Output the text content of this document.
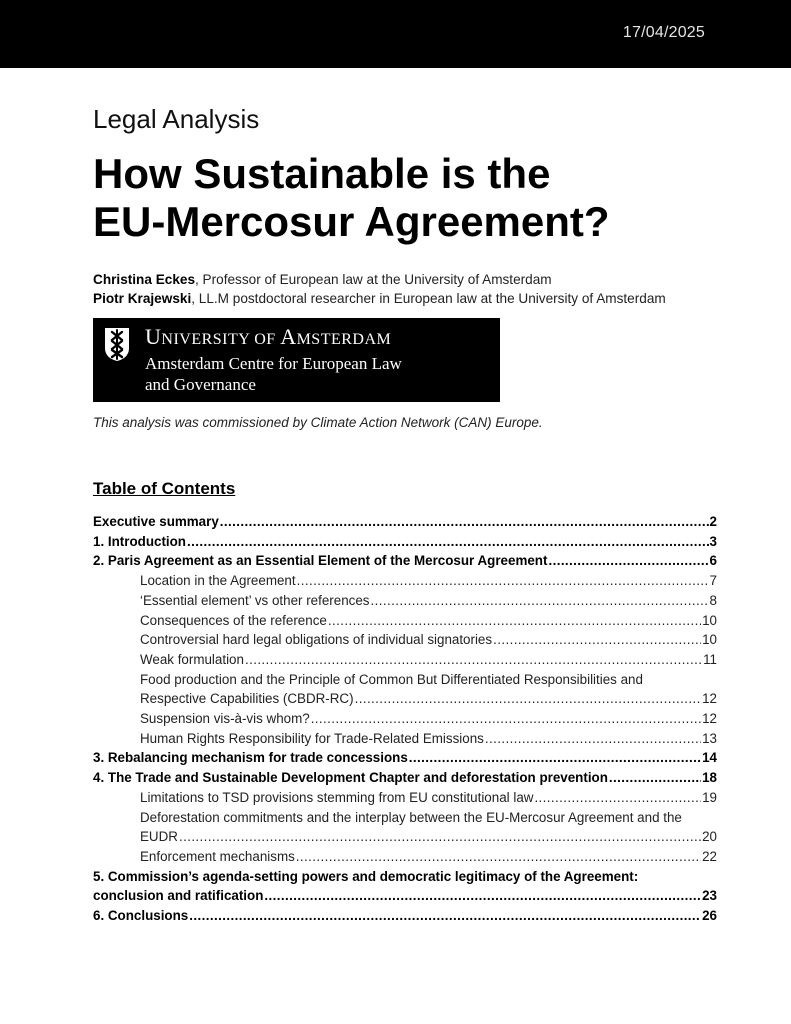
17/04/2025
Legal Analysis
How Sustainable is the
EU-Mercosur Agreement?
Christina Eckes, Professor of European law at the University of Amsterdam
Piotr Krajewski, LL.M postdoctoral researcher in European law at the University of Amsterdam
UNIVERSITY OF AMSTERDAM
Amsterdam Centre for European Law
and Governance
This analysis was commissioned by Climate Action Network (CAN) Europe.
Table of Contents
Executive summary .....	2
1. Introduction .....	3
2. Paris Agreement as an Essential Element of the Mercosur Agreement .....	6
Location in the Agreement .....	7
‘Essential element’ vs other references .....	8
Consequences of the reference .....	10
Controversial hard legal obligations of individual signatories .....	10
Weak formulation .....	11
Food production and the Principle of Common But Differentiated Responsibilities and
Respective Capabilities (CBDR-RC) .....	12
Suspension vis-à-vis whom? .....	12
Human Rights Responsibility for Trade-Related Emissions .....	13
3. Rebalancing mechanism for trade concessions .....	14
4. The Trade and Sustainable Development Chapter and deforestation prevention .....	18
Limitations to TSD provisions stemming from EU constitutional law .....	19
Deforestation commitments and the interplay between the EU-Mercosur Agreement and the
EUDR .....	20
Enforcement mechanisms .....	22
5. Commission’s agenda-setting powers and democratic legitimacy of the Agreement:
conclusion and ratification .....	23
6. Conclusions .....	26
